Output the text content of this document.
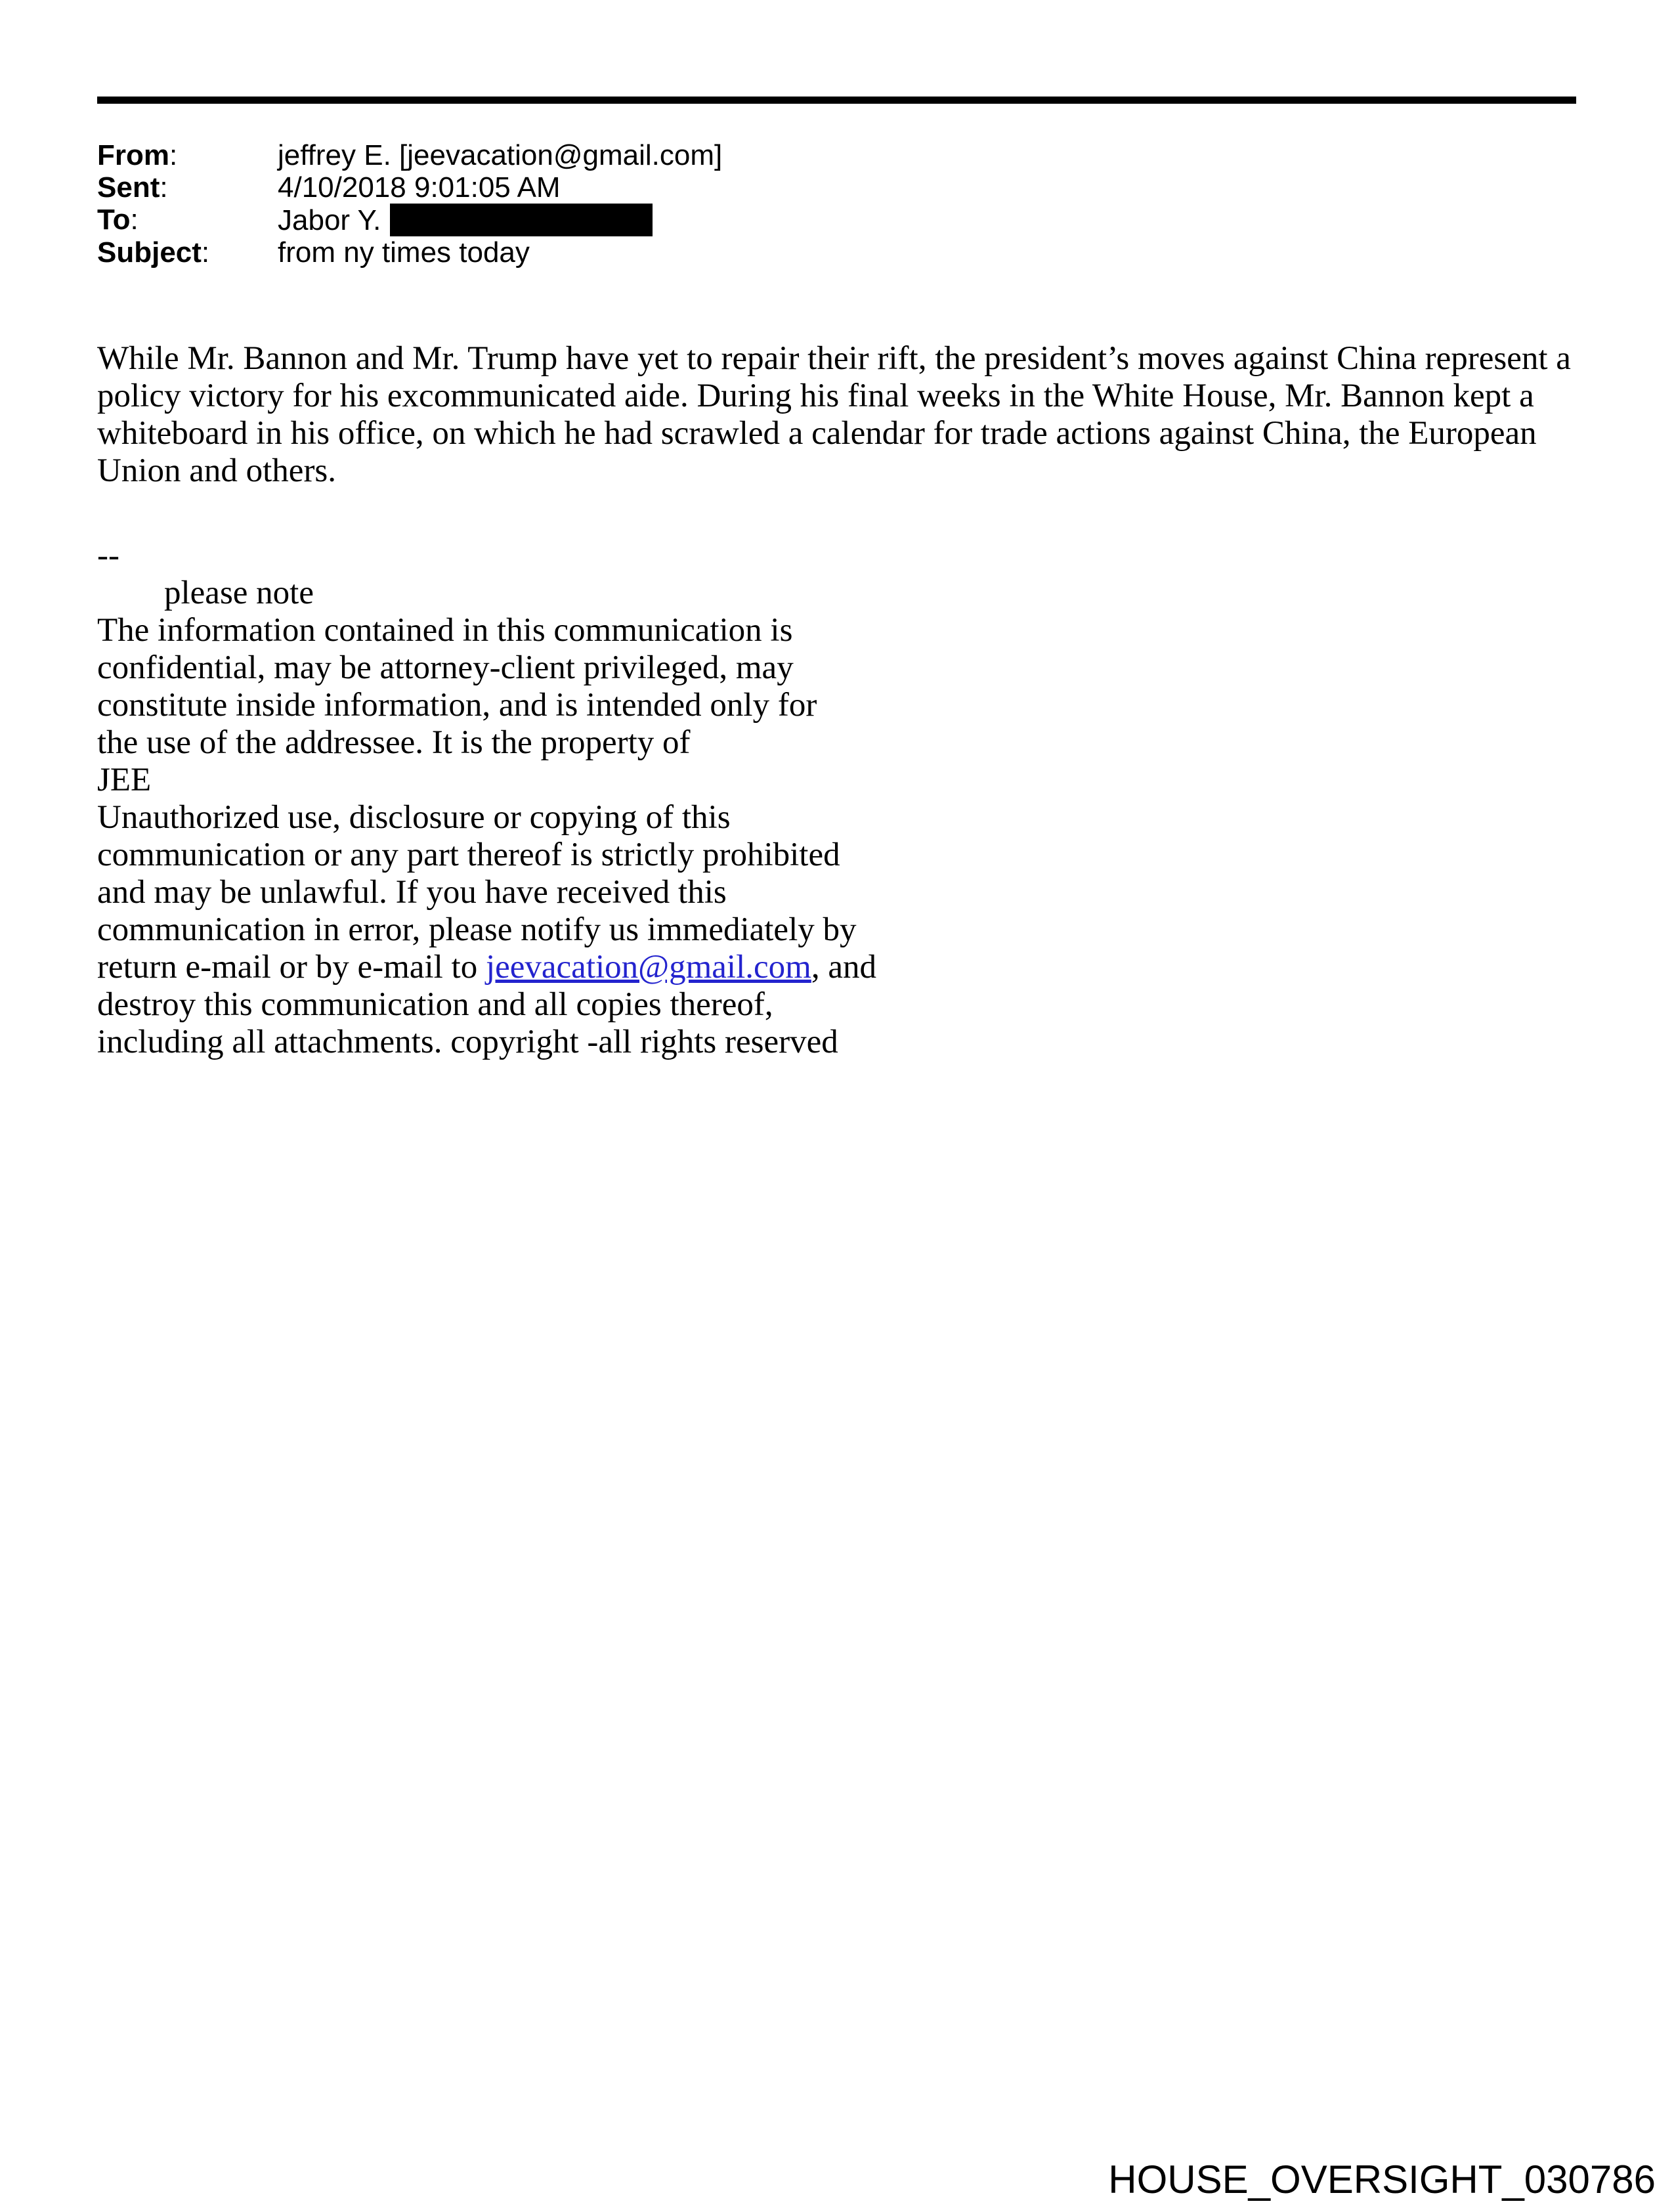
From:	jeffrey E. [jeevacation@gmail.com]
Sent:	4/10/2018 9:01:05 AM
To:	Jabor Y.
Subject:	from ny times today
While Mr. Bannon and Mr. Trump have yet to repair their rift, the president’s moves against China represent a
policy victory for his excommunicated aide. During his final weeks in the White House, Mr. Bannon kept a
whiteboard in his office, on which he had scrawled a calendar for trade actions against China, the European
Union and others.
--
please note
The information contained in this communication is
confidential, may be attorney-client privileged, may
constitute inside information, and is intended only for
the use of the addressee. It is the property of
JEE
Unauthorized use, disclosure or copying of this
communication or any part thereof is strictly prohibited
and may be unlawful. If you have received this
communication in error, please notify us immediately by
return e-mail or by e-mail to jeevacation@gmail.com, and
destroy this communication and all copies thereof,
including all attachments. copyright -all rights reserved
HOUSE_OVERSIGHT_030786
